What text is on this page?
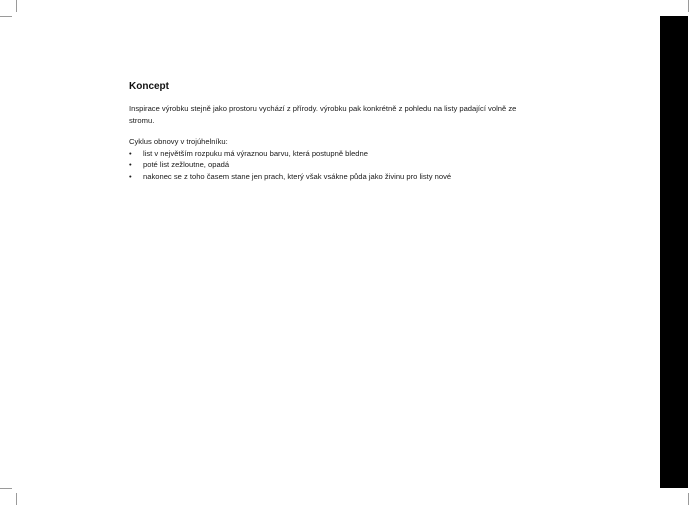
Koncept

Inspirace výrobku stejně jako prostoru vychází z přírody. výrobku pak konkrétně z pohledu na listy padající volně ze stromu.

Cyklus obnovy v trojúhelníku:

• list v největším rozpuku má výraznou barvu, která postupně bledne
• poté list zežloutne, opadá
• nakonec se z toho časem stane jen prach, který však vsákne půda jako živinu pro listy nové
